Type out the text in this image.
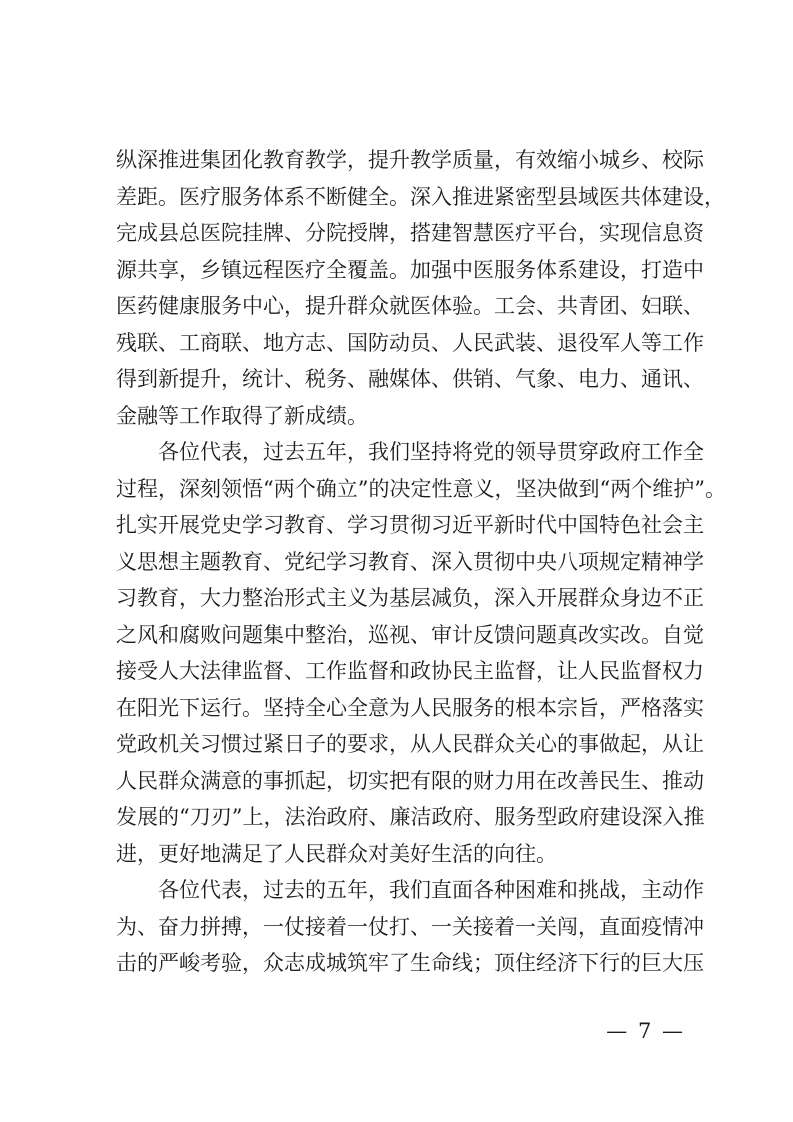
纵深推进集团化教育教学，提升教学质量，有效缩小城乡、校际
差距。医疗服务体系不断健全。深入推进紧密型县域医共体建设，
完成县总医院挂牌、分院授牌，搭建智慧医疗平台，实现信息资
源共享，乡镇远程医疗全覆盖。加强中医服务体系建设，打造中
医药健康服务中心，提升群众就医体验。工会、共青团、妇联、
残联、工商联、地方志、国防动员、人民武装、退役军人等工作
得到新提升，统计、税务、融媒体、供销、气象、电力、通讯、
金融等工作取得了新成绩。
　　各位代表，过去五年，我们坚持将党的领导贯穿政府工作全
过程，深刻领悟“两个确立”的决定性意义，坚决做到“两个维护”。
扎实开展党史学习教育、学习贯彻习近平新时代中国特色社会主
义思想主题教育、党纪学习教育、深入贯彻中央八项规定精神学
习教育，大力整治形式主义为基层减负，深入开展群众身边不正
之风和腐败问题集中整治，巡视、审计反馈问题真改实改。自觉
接受人大法律监督、工作监督和政协民主监督，让人民监督权力
在阳光下运行。坚持全心全意为人民服务的根本宗旨，严格落实
党政机关习惯过紧日子的要求，从人民群众关心的事做起，从让
人民群众满意的事抓起，切实把有限的财力用在改善民生、推动
发展的“刀刃”上，法治政府、廉洁政府、服务型政府建设深入推
进，更好地满足了人民群众对美好生活的向往。
　　各位代表，过去的五年，我们直面各种困难和挑战，主动作
为、奋力拼搏，一仗接着一仗打、一关接着一关闯，直面疫情冲
击的严峻考验，众志成城筑牢了生命线；顶住经济下行的巨大压
— 7 —
